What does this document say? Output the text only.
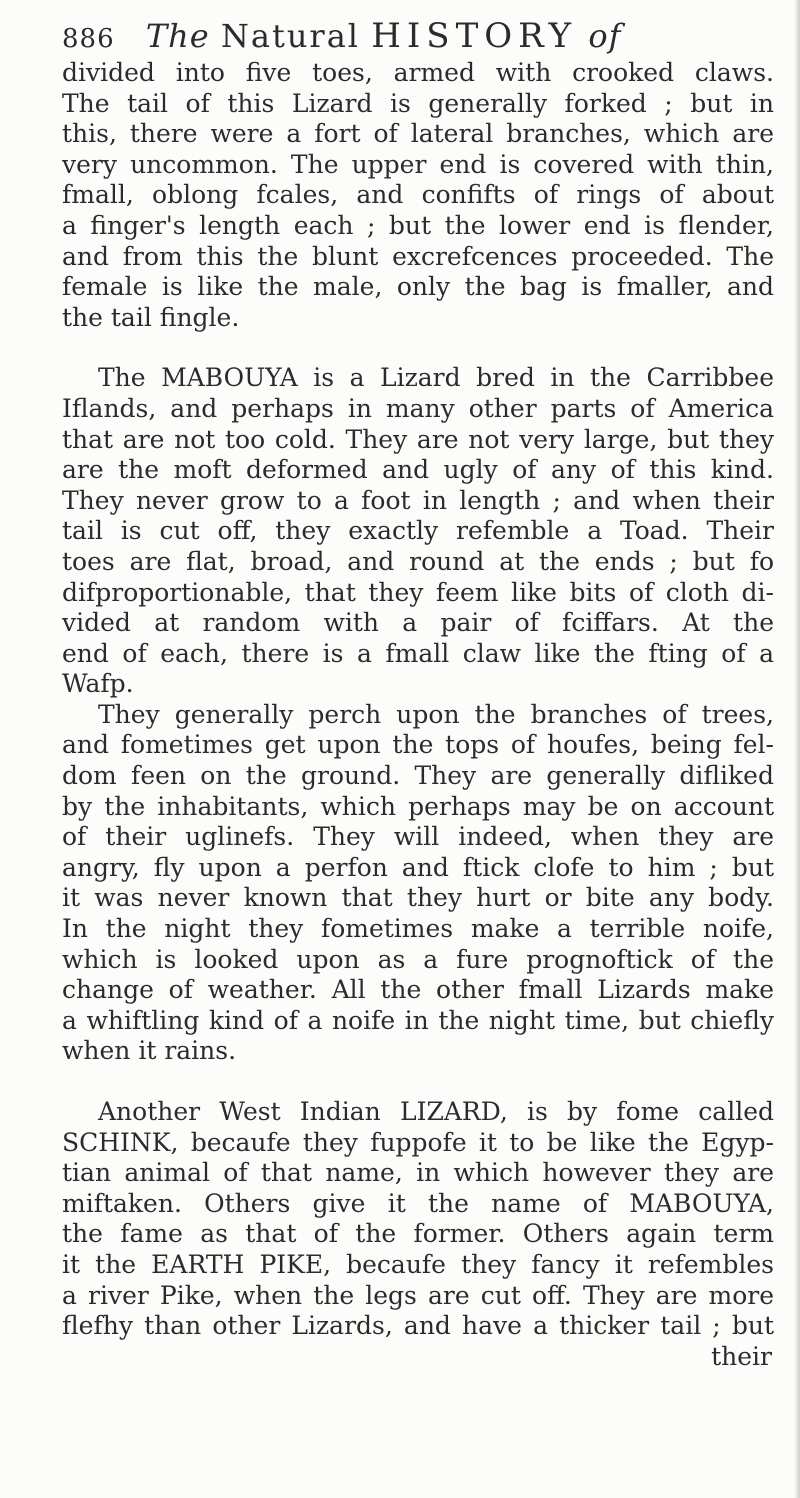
886 The Natural HISTORY of
divided into five toes, armed with crooked claws.
The tail of this Lizard is generally forked ; but in
this, there were a fort of lateral branches, which are
very uncommon. The upper end is covered with thin,
fmall, oblong fcales, and confifts of rings of about
a finger's length each ; but the lower end is flender,
and from this the blunt excrefcences proceeded. The
female is like the male, only the bag is fmaller, and
the tail fingle.
The MABOUYA is a Lizard bred in the Carribbee
Iflands, and perhaps in many other parts of America
that are not too cold. They are not very large, but they
are the moft deformed and ugly of any of this kind.
They never grow to a foot in length ; and when their
tail is cut off, they exactly refemble a Toad. Their
toes are flat, broad, and round at the ends ; but fo
difproportionable, that they feem like bits of cloth di-
vided at random with a pair of fciffars. At the
end of each, there is a fmall claw like the fting of a
Wafp.
They generally perch upon the branches of trees,
and fometimes get upon the tops of houfes, being fel-
dom feen on the ground. They are generally difliked
by the inhabitants, which perhaps may be on account
of their uglinefs. They will indeed, when they are
angry, fly upon a perfon and ftick clofe to him ; but
it was never known that they hurt or bite any body.
In the night they fometimes make a terrible noife,
which is looked upon as a fure prognoftick of the
change of weather. All the other fmall Lizards make
a whiftling kind of a noife in the night time, but chiefly
when it rains.
Another West Indian LIZARD, is by fome called
SCHINK, becaufe they fuppofe it to be like the Egyp-
tian animal of that name, in which however they are
miftaken. Others give it the name of MABOUYA,
the fame as that of the former. Others again term
it the EARTH PIKE, becaufe they fancy it refembles
a river Pike, when the legs are cut off. They are more
flefhy than other Lizards, and have a thicker tail ; but
their
